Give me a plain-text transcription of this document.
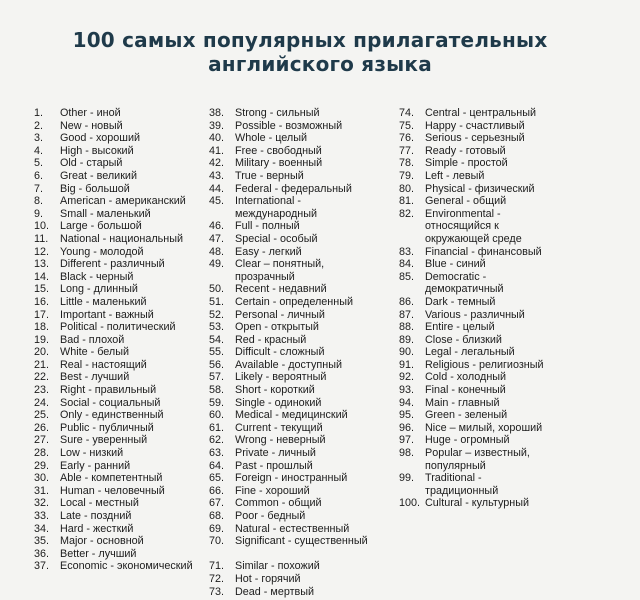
100 самых популярных прилагательных
английского языка
1.	Other - иной
2.	New - новый
3.	Good - хороший
4.	High - высокий
5.	Old - старый
6.	Great - великий
7.	Big - большой
8.	American - американский
9.	Small - маленький
10.	Large - большой
11.	National - национальный
12.	Young - молодой
13.	Different - различный
14.	Black - черный
15.	Long - длинный
16.	Little - маленький
17.	Important - важный
18.	Political - политический
19.	Bad - плохой
20.	White - белый
21.	Real - настоящий
22.	Best - лучший
23.	Right - правильный
24.	Social - социальный
25.	Only - единственный
26.	Public - публичный
27.	Sure - уверенный
28.	Low - низкий
29.	Early - ранний
30.	Able - компетентный
31.	Human - человечный
32.	Local - местный
33.	Late - поздний
34.	Hard - жесткий
35.	Major - основной
36.	Better - лучший
37.	Economic - экономический
38.	Strong - сильный
39.	Possible - возможный
40.	Whole - целый
41.	Free - свободный
42.	Military - военный
43.	True - верный
44.	Federal - федеральный
45.	International - международный
46.	Full - полный
47.	Special - особый
48.	Easy - легкий
49.	Clear – понятный, прозрачный
50.	Recent - недавний
51.	Certain - определенный
52.	Personal - личный
53.	Open - открытый
54.	Red - красный
55.	Difficult - сложный
56.	Available - доступный
57.	Likely - вероятный
58.	Short - короткий
59.	Single - одинокий
60.	Medical - медицинский
61.	Current - текущий
62.	Wrong - неверный
63.	Private - личный
64.	Past - прошлый
65.	Foreign - иностранный
66.	Fine - хороший
67.	Common - общий
68.	Poor - бедный
69.	Natural - естественный
70.	Significant - существенный
71.	Similar - похожий
72.	Hot - горячий
73.	Dead - мертвый
74.	Central - центральный
75.	Happy - счастливый
76.	Serious - серьезный
77.	Ready - готовый
78.	Simple - простой
79.	Left - левый
80.	Physical - физический
81.	General - общий
82.	Environmental - относящийся к окружающей среде
83.	Financial - финансовый
84.	Blue - синий
85.	Democratic - демократичный
86.	Dark - темный
87.	Various - различный
88.	Entire - целый
89.	Close - близкий
90.	Legal - легальный
91.	Religious - религиозный
92.	Cold - холодный
93.	Final - конечный
94.	Main - главный
95.	Green - зеленый
96.	Nice – милый, хороший
97.	Huge - огромный
98.	Popular – известный, популярный
99.	Traditional - традиционный
100. Cultural - культурный
